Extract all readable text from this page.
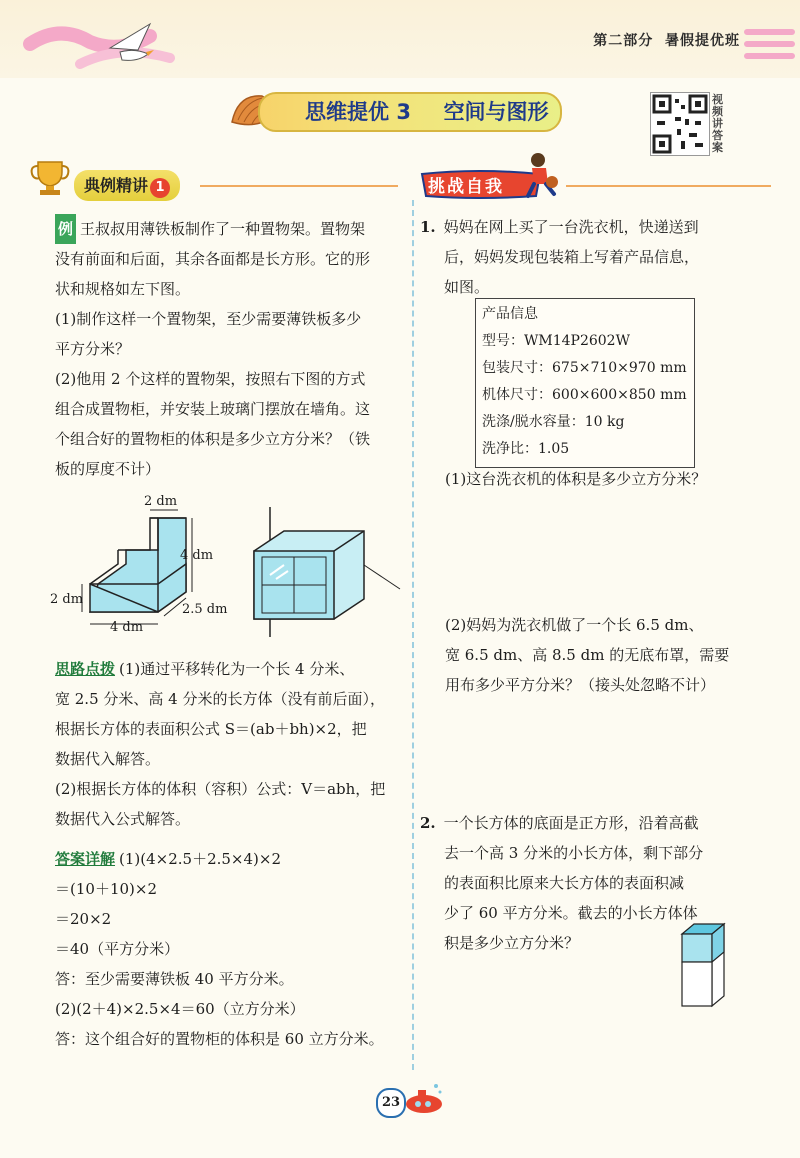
第二部分 暑假提优班
思维提优 3 空间与图形
视频讲答案
典例精讲 1	挑战自我
例 王叔叔用薄铁板制作了一种置物架。置物架
没有前面和后面，其余各面都是长方形。它的形
状和规格如左下图。
(1)制作这样一个置物架，至少需要薄铁板多少
平方分米？
(2)他用 2 个这样的置物架，按照右下图的方式
组合成置物柜，并安装上玻璃门摆放在墙角。这
个组合好的置物柜的体积是多少立方分米？（铁
板的厚度不计）
2 dm
4 dm
2 dm
2.5 dm
4 dm
思路点拨 (1)通过平移转化为一个长 4 分米、
宽 2.5 分米、高 4 分米的长方体（没有前后面），
根据长方体的表面积公式 S＝(ab＋bh)×2，把
数据代入解答。
(2)根据长方体的体积（容积）公式：V＝abh，把
数据代入公式解答。
答案详解 (1)(4×2.5＋2.5×4)×2
＝(10＋10)×2
＝20×2
＝40（平方分米）
答：至少需要薄铁板 40 平方分米。
(2)(2＋4)×2.5×4＝60（立方分米）
答：这个组合好的置物柜的体积是 60 立方分米。
1. 妈妈在网上买了一台洗衣机，快递送到
后，妈妈发现包装箱上写着产品信息，
如图。
产品信息
型号：WM14P2602W
包装尺寸：675×710×970 mm
机体尺寸：600×600×850 mm
洗涤/脱水容量：10 kg
洗净比：1.05
(1)这台洗衣机的体积是多少立方分米？
(2)妈妈为洗衣机做了一个长 6.5 dm、
宽 6.5 dm、高 8.5 dm 的无底布罩，需要
用布多少平方分米？（接头处忽略不计）
2. 一个长方体的底面是正方形，沿着高截
去一个高 3 分米的小长方体，剩下部分
的表面积比原来大长方体的表面积减
少了 60 平方分米。截去的小长方体体
积是多少立方分米？
23
